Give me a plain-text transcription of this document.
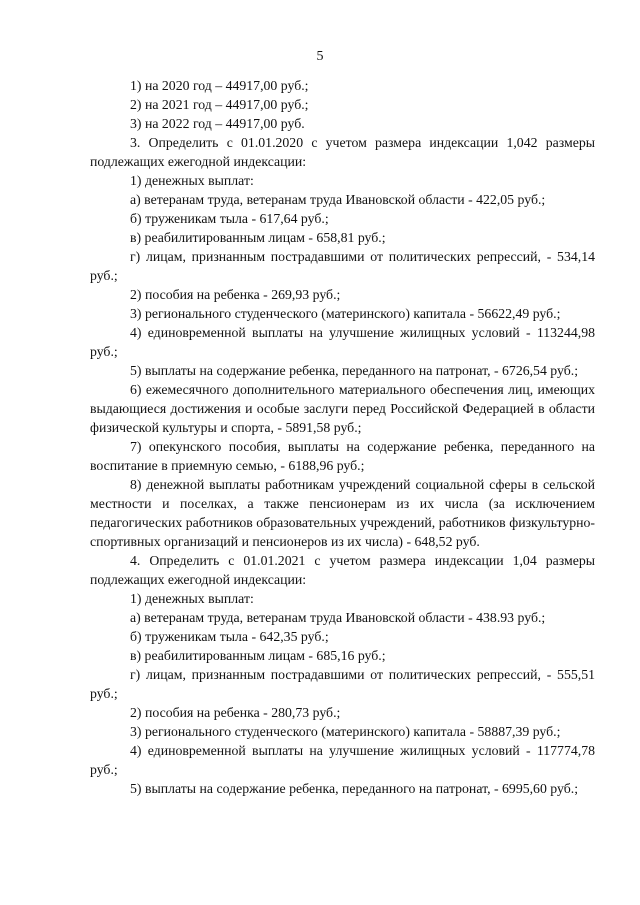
5

1) на 2020 год – 44917,00 руб.;

2) на 2021 год – 44917,00 руб.;

3) на 2022 год – 44917,00 руб.

3. Определить с 01.01.2020 с учетом размера индексации 1,042 размеры подлежащих ежегодной индексации:

1) денежных выплат:

а) ветеранам труда, ветеранам труда Ивановской области - 422,05 руб.;

б) труженикам тыла - 617,64 руб.;

в) реабилитированным лицам - 658,81 руб.;

г) лицам, признанным пострадавшими от политических репрессий, - 534,14 руб.;

2) пособия на ребенка - 269,93 руб.;

3) регионального студенческого (материнского) капитала - 56622,49 руб.;

4) единовременной выплаты на улучшение жилищных условий - 113244,98 руб.;

5) выплаты на содержание ребенка, переданного на патронат, - 6726,54 руб.;

6) ежемесячного дополнительного материального обеспечения лиц, имеющих выдающиеся достижения и особые заслуги перед Российской Федерацией в области физической культуры и спорта, - 5891,58 руб.;

7) опекунского пособия, выплаты на содержание ребенка, переданного на воспитание в приемную семью, - 6188,96 руб.;

8) денежной выплаты работникам учреждений социальной сферы в сельской местности и поселках, а также пенсионерам из их числа (за исключением педагогических работников образовательных учреждений, работников физкультурно-спортивных организаций и пенсионеров из их числа) - 648,52 руб.

4. Определить с 01.01.2021 с учетом размера индексации 1,04 размеры подлежащих ежегодной индексации:

1) денежных выплат:

а) ветеранам труда, ветеранам труда Ивановской области - 438.93 руб.;

б) труженикам тыла - 642,35 руб.;

в) реабилитированным лицам - 685,16 руб.;

г) лицам, признанным пострадавшими от политических репрессий, - 555,51 руб.;

2) пособия на ребенка - 280,73 руб.;

3) регионального студенческого (материнского) капитала - 58887,39 руб.;

4) единовременной выплаты на улучшение жилищных условий - 117774,78 руб.;

5) выплаты на содержание ребенка, переданного на патронат, - 6995,60 руб.;
